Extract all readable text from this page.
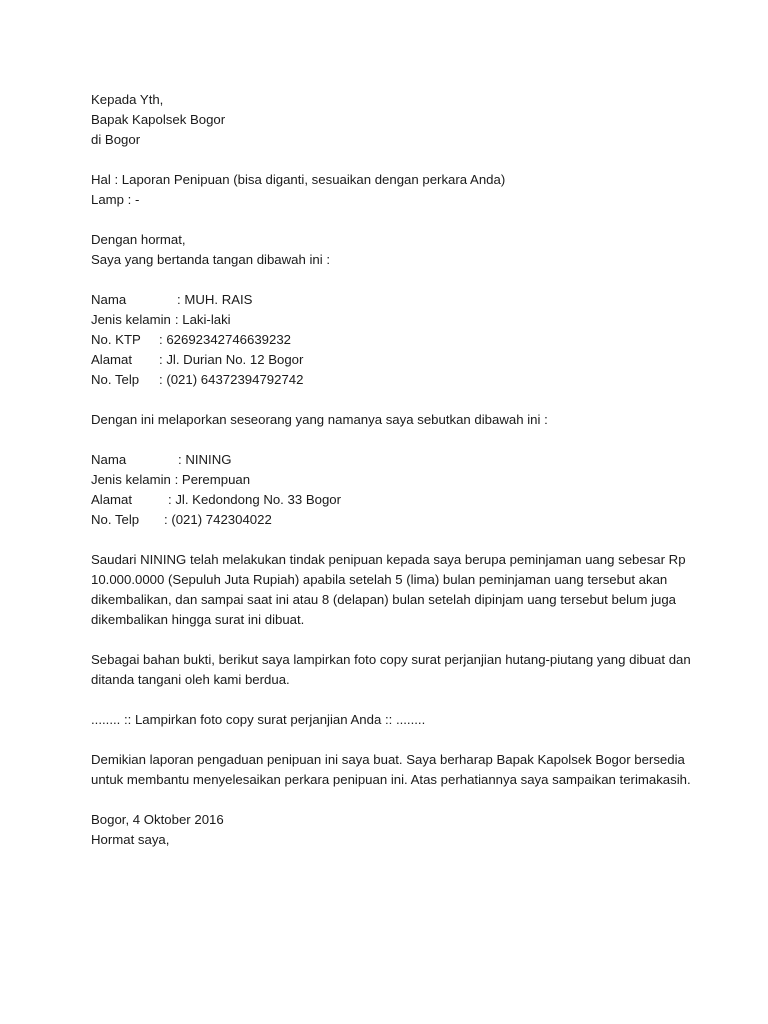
Kepada Yth,
Bapak Kapolsek Bogor
di Bogor
Hal : Laporan Penipuan (bisa diganti, sesuaikan dengan perkara Anda)
Lamp : -
Dengan hormat,
Saya yang bertanda tangan dibawah ini :
Nama	: MUH. RAIS
Jenis kelamin : Laki-laki
No. KTP	: 62692342746639232
Alamat	: Jl. Durian No. 12 Bogor
No. Telp	: (021) 64372394792742
Dengan ini melaporkan seseorang yang namanya saya sebutkan dibawah ini :
Nama	: NINING
Jenis kelamin : Perempuan
Alamat	: Jl. Kedondong No. 33 Bogor
No. Telp	: (021) 742304022
Saudari NINING telah melakukan tindak penipuan kepada saya berupa peminjaman uang sebesar Rp 10.000.0000 (Sepuluh Juta Rupiah) apabila setelah 5 (lima) bulan peminjaman uang tersebut akan dikembalikan, dan sampai saat ini atau 8 (delapan) bulan setelah dipinjam uang tersebut belum juga dikembalikan hingga surat ini dibuat.
Sebagai bahan bukti, berikut saya lampirkan foto copy surat perjanjian hutang-piutang yang dibuat dan ditanda tangani oleh kami berdua.
........ :: Lampirkan foto copy surat perjanjian Anda :: ........
Demikian laporan pengaduan penipuan ini saya buat. Saya berharap Bapak Kapolsek Bogor bersedia untuk membantu menyelesaikan perkara penipuan ini. Atas perhatiannya saya sampaikan terimakasih.
Bogor, 4 Oktober 2016
Hormat saya,
